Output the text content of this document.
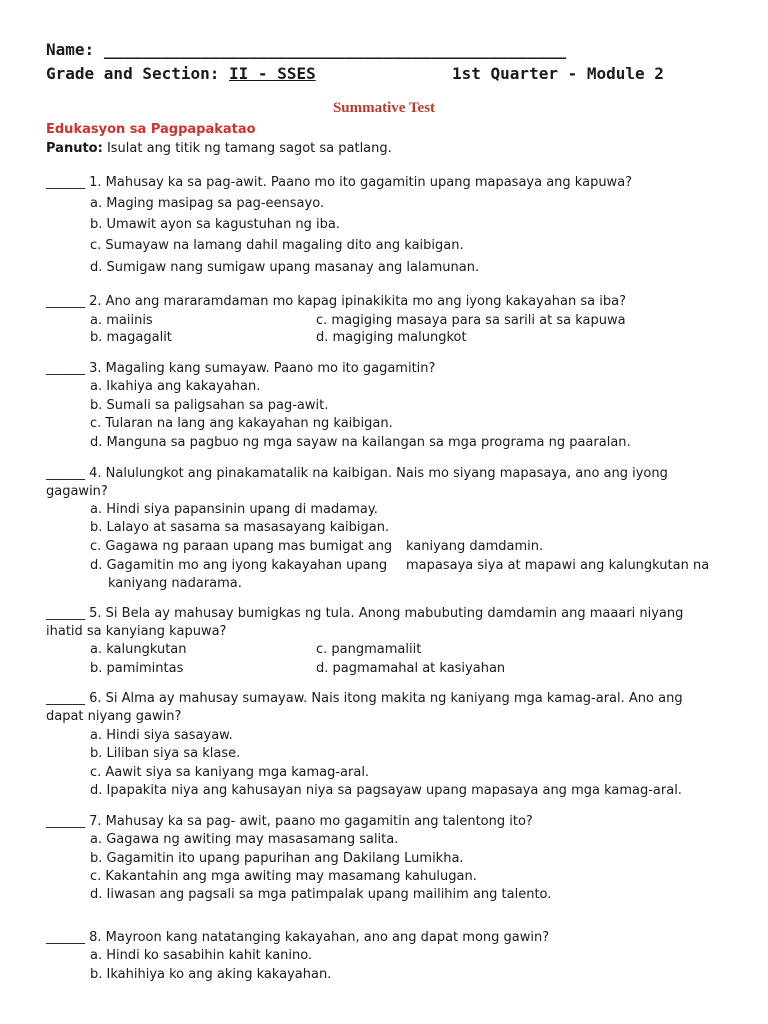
Name: ________________________________________________
Grade and Section: II - SSES	1st Quarter - Module 2
Summative Test
Edukasyon sa Pagpapakatao
Panuto: Isulat ang titik ng tamang sagot sa patlang.
______ 1. Mahusay ka sa pag-awit. Paano mo ito gagamitin upang mapasaya ang kapuwa?
a. Maging masipag sa pag-eensayo.
b. Umawit ayon sa kagustuhan ng iba.
c. Sumayaw na lamang dahil magaling dito ang kaibigan.
d. Sumigaw nang sumigaw upang masanay ang lalamunan.
______ 2. Ano ang mararamdaman mo kapag ipinakikita mo ang iyong kakayahan sa iba?
a. maiinis	c. magiging masaya para sa sarili at sa kapuwa
b. magagalit	d. magiging malungkot
______ 3. Magaling kang sumayaw. Paano mo ito gagamitin?
a. Ikahiya ang kakayahan.
b. Sumali sa paligsahan sa pag-awit.
c. Tularan na lang ang kakayahan ng kaibigan.
d. Manguna sa pagbuo ng mga sayaw na kailangan sa mga programa ng paaralan.
______ 4. Nalulungkot ang pinakamatalik na kaibigan. Nais mo siyang mapasaya, ano ang iyong
gagawin?
a. Hindi siya papansinin upang di madamay.
b. Lalayo at sasama sa masasayang kaibigan.
c. Gagawa ng paraan upang mas bumigat ang kaniyang damdamin.
d. Gagamitin mo ang iyong kakayahan upang mapasaya siya at mapawi ang kalungkutan na
kaniyang nadarama.
______ 5. Si Bela ay mahusay bumigkas ng tula. Anong mabubuting damdamin ang maaari niyang
ihatid sa kanyiang kapuwa?
a. kalungkutan	c. pangmamaliit
b. pamimintas	d. pagmamahal at kasiyahan
______ 6. Si Alma ay mahusay sumayaw. Nais itong makita ng kaniyang mga kamag-aral. Ano ang
dapat niyang gawin?
a. Hindi siya sasayaw.
b. Liliban siya sa klase.
c. Aawit siya sa kaniyang mga kamag-aral.
d. Ipapakita niya ang kahusayan niya sa pagsayaw upang mapasaya ang mga kamag-aral.
______ 7. Mahusay ka sa pag- awit, paano mo gagamitin ang talentong ito?
a. Gagawa ng awiting may masasamang salita.
b. Gagamitin ito upang papurihan ang Dakilang Lumikha.
c. Kakantahin ang mga awiting may masamang kahulugan.
d. Iiwasan ang pagsali sa mga patimpalak upang mailihim ang talento.
______ 8. Mayroon kang natatanging kakayahan, ano ang dapat mong gawin?
a. Hindi ko sasabihin kahit kanino.
b. Ikahihiya ko ang aking kakayahan.
